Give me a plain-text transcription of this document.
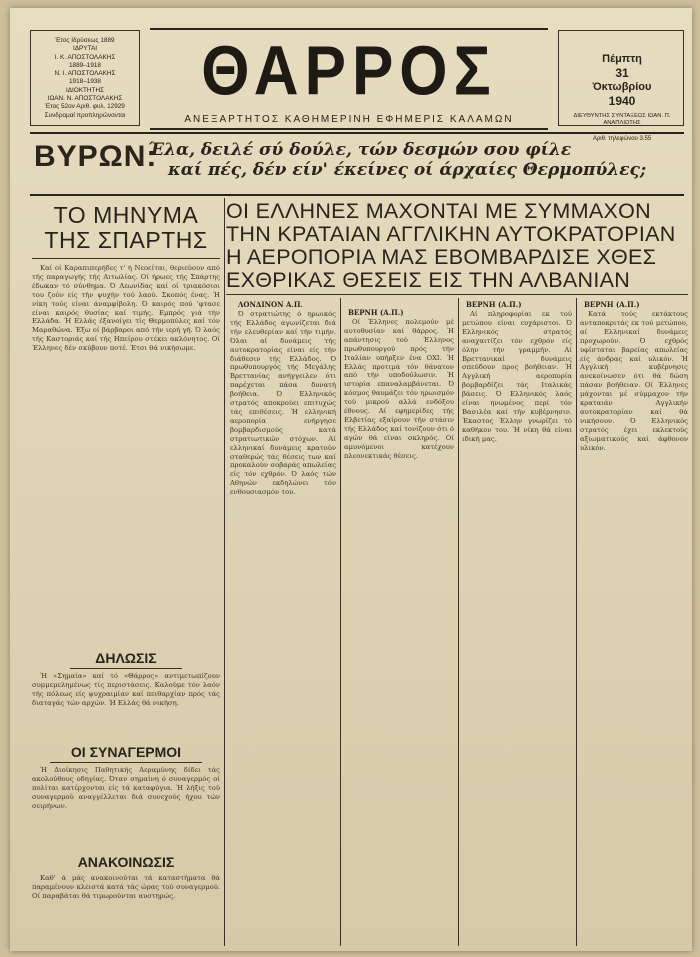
Έτος Ιδρύσεως 1889
ΙΔΡΥΤΑΙ
Ι. Κ. ΑΠΟΣΤΟΛΑΚΗΣ
1889–1918
Ν. Ι. ΑΠΟΣΤΟΛΑΚΗΣ
1918–1938
ΙΔΙΟΚΤΗΤΗΣ
ΙΩΑΝ. Ν. ΑΠΟΣΤΟΛΑΚΗΣ
Έτος 52ον Αριθ. φυλ. 12929
Συνδρομαί προπληρώνονται
ΘΑΡΡΟΣ
ΑΝΕΞΑΡΤΗΤΟΣ ΚΑΘΗΜΕΡΙΝΗ ΕΦΗΜΕΡΙΣ ΚΑΛΑΜΩΝ
Πέμπτη
31
Όκτωβρίου
1940
ΔΙΕΥΘΥΝΤΗΣ ΣΥΝΤΑΞΕΩΣ ΙΩΑΝ. Π. ΑΝΑΠΛΙΩΤΗΣ
Αριθ. τηλεφώνου 3.55
ΒΥΡΩΝ:
Έλα, δειλέ σύ δούλε, τών δεσμών σου φίλε
καί πές, δέν είν' έκείνες οί άρχαίες Θερμοπύλες;
ΤΟ ΜΗΝΥΜΑ
ΤΗΣ ΣΠΑΡΤΗΣ
ΟΙ ΕΛΛΗΝΕΣ ΜΑΧΟΝΤΑΙ ΜΕ ΣΥΜΜΑΧΟΝ
ΤΗΝ ΚΡΑΤΑΙΑΝ ΑΓΓΛΙΚΗΝ ΑΥΤΟΚΡΑΤΟΡΙΑΝ
Η ΑΕΡΟΠΟΡΙΑ ΜΑΣ ΕΒΟΜΒΑΡΔΙΣΕ ΧΘΕΣ
ΕΧΘΡΙΚΑΣ ΘΕΣΕΙΣ ΕΙΣ ΤΗΝ ΑΛΒΑΝΙΑΝ

Καί οί Καραπιπερήδες τ' ή Νεοείται, θεριεύουν από τής παραγωγής τής Αιτωλίας. Οί ήρωες τής Σπάρτης έδωκαν τό σύνθημα. Ό Λεωνίδας καί οί τριακόσιοι του ζούν είς τήν ψυχήν τού λαού. Σκοπός ένας. Ή νίκη τούς είναι άναμφίβολη. Ό καιρός πού 'φτασε είναι καιρός θυσίας καί τιμής. Εμπρός γιά τήν Ελλάδα. Ή Ελλάς έξανοίγει τίς Θερμοπύλες καί τόν Μαραθώνα. Έξω οί βάρβαροι από τήν ιερή γή. Ό λαός τής Καστοριάς καί τής Ηπείρου στέκει ακλόνητος. Οί Έλληνες δέν σκύβουν ποτέ. Έτσι θά νικήσωμε.

ΔΗΛΩΣΙΣ

Ή «Σημαία» καί τό «Θάρρος» αντιμετωπίζουν συμμεμελημένως τίς περιστάσεις. Καλούμε τόν λαόν τής πόλεως είς ψυχραιμίαν καί πειθαρχίαν πρός τάς διαταγάς τών αρχών. Ή Ελλάς θά νικήση.

ΟΙ ΣΥΝΑΓΕΡΜΟΙ

Ή Διοίκησις Παθητικής Αεραμύνης δίδει τάς ακολούθους οδηγίας. Όταν σημαίνη ό συναγερμός οί πολίται κατέρχονται είς τά καταφύγια. Ή λήξις τού συναγερμού αναγγέλλεται διά συνεχούς ήχου τών σειρήνων.

ΑΝΑΚΟΙΝΩΣΙΣ

Καθ' ά μάς ανακοινούται τά καταστήματα θά παραμένουν κλειστά κατά τάς ώρας τού συναγερμού. Οί παραβάται θά τιμωρούνται αυστηρώς.

ΛΟΝΔΙΝΟΝ Α.Π.

Ό στρατιώτης ό ηρωικός τής Ελλάδος αγωνίζεται διά τήν ελευθερίαν καί τήν τιμήν. Όλαι αί δυνάμεις τής αυτοκρατορίας είναι είς τήν διάθεσιν τής Ελλάδος. Ό πρωθυπουργός τής Μεγάλης Βρεττανίας ανήγγειλεν ότι παρέχεται πάσα δυνατή βοήθεια. Ό Ελληνικός στρατός αποκρούει επιτυχώς τάς επιθέσεις. Ή ελληνική αεροπορία ενήργησε βομβαρδισμούς κατά στρατιωτικών στόχων. Αί ελληνικαί δυνάμεις κρατούν σταθερώς τάς θέσεις των καί προκαλούν σοβαράς απωλείας είς τόν εχθρόν. Ό λαός τών Αθηνών εκδηλώνει τόν ενθουσιασμόν του.

ΒΕΡΝΗ (Α.Π.)

Οί Έλληνες πολεμούν μέ αυτοθυσίαν καί θάρρος. Ή απάντησις τού Έλληνος πρωθυπουργού πρός τήν Ιταλίαν υπήρξεν ένα ΟΧΙ. Ή Ελλάς προτιμά τόν θάνατον από τήν υποδούλωσιν. Ή ιστορία επαναλαμβάνεται. Ό κόσμος θαυμάζει τόν ηρωισμόν τού μικρού αλλά ενδόξου έθνους. Αί εφημερίδες τής Ελβετίας εξαίρουν τήν στάσιν τής Ελλάδος καί τονίζουν ότι ό αγών θά είναι σκληρός. Οί αμυνόμενοι κατέχουν πλεονεκτικάς θέσεις.

ΒΕΡΝΗ (Α.Π.)

Αί πληροφορίαι εκ τού μετώπου είναι ευχάριστοι. Ό Ελληνικός στρατός αναχαιτίζει τόν εχθρόν είς όλην τήν γραμμήν. Αί Βρεττανικαί δυνάμεις σπεύδουν προς βοήθειαν. Ή Αγγλική αεροπορία βομβαρδίζει τάς Ιταλικάς βάσεις. Ό Ελληνικός λαός είναι ηνωμένος περί τόν Βασιλέα καί τήν κυβέρνησιν. Έκαστος Έλλην γνωρίζει τό καθήκον του. Ή νίκη θά είναι ιδική μας.

ΒΕΡΝΗ (Α.Π.)

Κατά τούς εκτάκτους ανταποκριτάς εκ τού μετώπου, αί Ελληνικαί δυνάμεις προχωρούν. Ό εχθρός υφίσταται βαρείας απωλείας είς άνδρας καί υλικόν. Ή Αγγλική κυβέρνησις ανεκοίνωσεν ότι θά δώση πάσαν βοήθειαν. Οί Έλληνες μάχονται μέ σύμμαχον τήν κραταιάν Αγγλικήν αυτοκρατορίαν καί θά νικήσουν. Ό Ελληνικός στρατός έχει εκλεκτούς αξιωματικούς καί άφθονον υλικόν.
